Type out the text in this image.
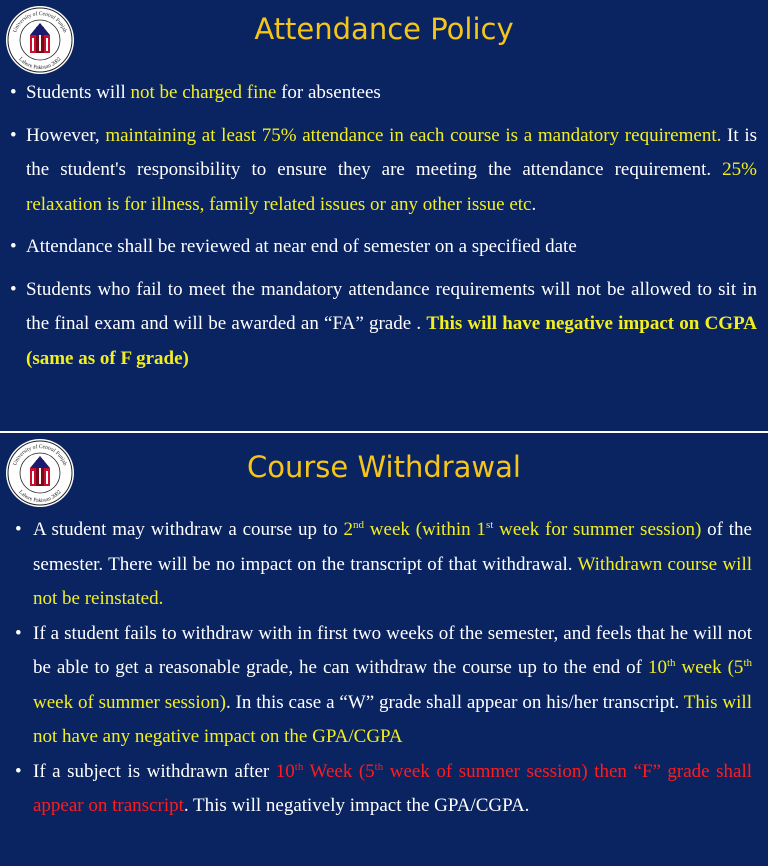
University of Central Punjab
Lahore Pakistan 2002
Attendance Policy
• Students will not be charged fine for absentees
• However, maintaining at least 75% attendance in each course is a mandatory requirement. It is the student's responsibility to ensure they are meeting the attendance requirement. 25% relaxation is for illness, family related issues or any other issue etc.
• Attendance shall be reviewed at near end of semester on a specified date
• Students who fail to meet the mandatory attendance requirements will not be allowed to sit in the final exam and will be awarded an “FA” grade . This will have negative impact on CGPA (same as of F grade)
University of Central Punjab
Lahore Pakistan 2002
Course Withdrawal
• A student may withdraw a course up to 2nd week (within 1st week for summer session) of the semester. There will be no impact on the transcript of that withdrawal. Withdrawn course will not be reinstated.
• If a student fails to withdraw with in first two weeks of the semester, and feels that he will not be able to get a reasonable grade, he can withdraw the course up to the end of 10th week (5th week of summer session). In this case a “W” grade shall appear on his/her transcript. This will not have any negative impact on the GPA/CGPA
• If a subject is withdrawn after 10th Week (5th week of summer session) then “F” grade shall appear on transcript. This will negatively impact the GPA/CGPA.
